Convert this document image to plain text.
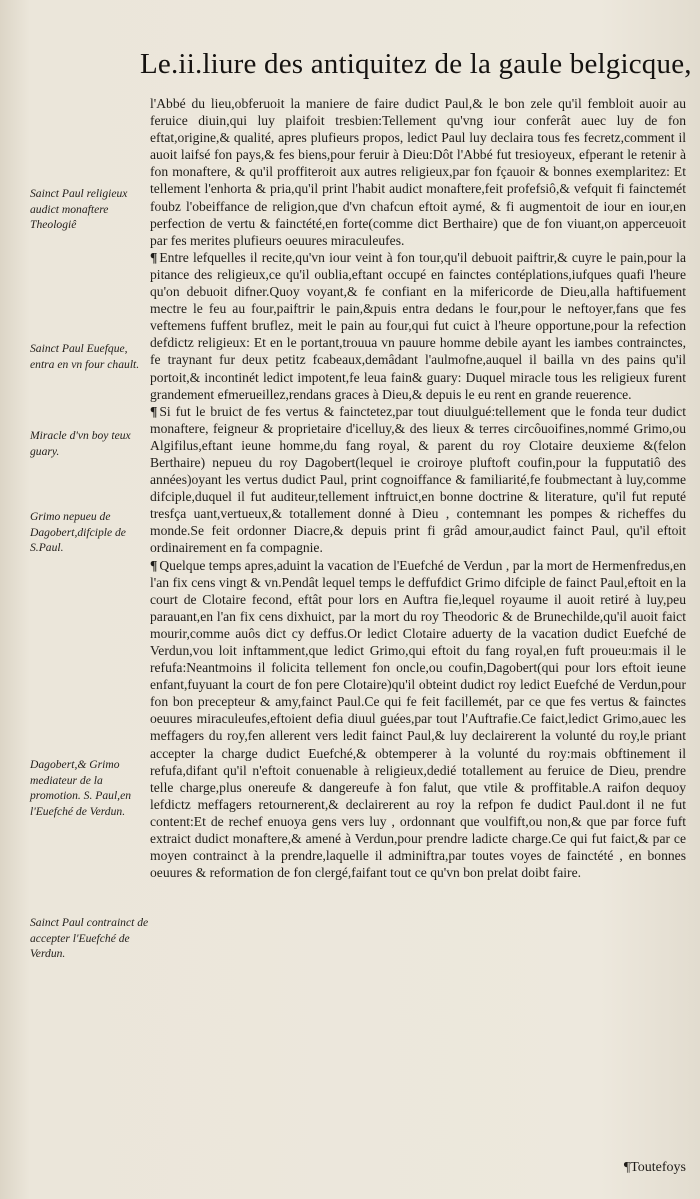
Le.ii.liure des antiquitez de la gaule belgicque,

l'Abbé du lieu,obferuoit la maniere de faire dudict Paul,& le bon zele qu'il fembloit auoir au feruice diuin,qui luy plaifoit tresbien:Tellement qu'vng iour conferât auec luy de fon eftat,origine,& qualité, apres plufieurs propos, ledict Paul luy declaira tous fes fecretz,comment il auoit laifsé fon pays,& fes biens,pour feruir à Dieu:Dôt l'Abbé fut tresioyeux, efperant le retenir à fon monaftere, & qu'il proffiteroit aux autres religieux,par fon fçauoir & bonnes exemplaritez: Et tellement l'enhorta & pria,qu'il print l'habit audict monaftere,feit profefsiô,& vefquit fi fainctemét foubz l'obeiffance de religion,que d'vn chafcun eftoit aymé, & fi augmentoit de iour en iour,en perfection de vertu & fainctété,en forte(comme dict Berthaire) que de fon viuant,on apperceuoit par fes merites plufieurs oeuures miraculeufes.

¶ Entre lefquelles il recite,qu'vn iour veint à fon tour,qu'il debuoit paiftrir,& cuyre le pain,pour la pitance des religieux,ce qu'il oublia,eftant occupé en fainctes contéplations,iufques quafi l'heure qu'on debuoit difner.Quoy voyant,& fe confiant en la mifericorde de Dieu,alla haftifuement mectre le feu au four,paiftrir le pain,&puis entra dedans le four,pour le neftoyer,fans que fes veftemens fuffent bruflez, meit le pain au four,qui fut cuict à l'heure opportune,pour la refection defdictz religieux: Et en le portant,trouua vn pauure homme debile ayant les iambes contrainctes, fe traynant fur deux petitz fcabeaux,demâdant l'aulmofne,auquel il bailla vn des pains qu'il portoit,& incontinét ledict impotent,fe leua fain& guary: Duquel miracle tous les religieux furent grandement efmerueillez,rendans graces à Dieu,& depuis le eu rent en grande reuerence.

¶ Si fut le bruict de fes vertus & fainctetez,par tout diuulgué:tellement que le fonda teur dudict monaftere, feigneur & proprietaire d'icelluy,& des lieux & terres circôuoifines,nommé Grimo,ou Algifilus,eftant ieune homme,du fang royal, & parent du roy Clotaire deuxieme &(felon Berthaire) nepueu du roy Dagobert(lequel ie croiroye pluftoft coufin,pour la fupputatiô des années)oyant les vertus dudict Paul, print cognoiffance & familiarité,fe foubmectant à luy,comme difciple,duquel il fut auditeur,tellement inftruict,en bonne doctrine & literature, qu'il fut reputé tresfça uant,vertueux,& totallement donné à Dieu , contemnant les pompes & richeffes du monde.Se feit ordonner Diacre,& depuis print fi grâd amour,audict fainct Paul, qu'il eftoit ordinairement en fa compagnie.

¶ Quelque temps apres,aduint la vacation de l'Euefché de Verdun , par la mort de Hermenfredus,en l'an fix cens vingt & vn.Pendât lequel temps le deffufdict Grimo difciple de fainct Paul,eftoit en la court de Clotaire fecond, eftât pour lors en Auftra fie,lequel royaume il auoit retiré à luy,peu parauant,en l'an fix cens dixhuict, par la mort du roy Theodoric & de Brunechilde,qu'il auoit faict mourir,comme auôs dict cy deffus.Or ledict Clotaire aduerty de la vacation dudict Euefché de Verdun,vou loit inftamment,que ledict Grimo,qui eftoit du fang royal,en fuft proueu:mais il le refufa:Neantmoins il folicita tellement fon oncle,ou coufin,Dagobert(qui pour lors eftoit ieune enfant,fuyuant la court de fon pere Clotaire)qu'il obteint dudict roy ledict Euefché de Verdun,pour fon bon precepteur & amy,fainct Paul.Ce qui fe feit facillemét, par ce que fes vertus & fainctes oeuures miraculeufes,eftoient defia diuul guées,par tout l'Auftrafie.Ce faict,ledict Grimo,auec les meffagers du roy,fen allerent vers ledit fainct Paul,& luy declairerent la volunté du roy,le priant accepter la charge dudict Euefché,& obtemperer à la volunté du roy:mais obftinement il refufa,difant qu'il n'eftoit conuenable à religieux,dedié totallement au feruice de Dieu, prendre telle charge,plus onereufe & dangereufe à fon falut, que vtile & proffitable.A raifon dequoy lefdictz meffagers retournerent,& declairerent au roy la refpon fe dudict Paul.dont il ne fut content:Et de rechef enuoya gens vers luy , ordonnant que voulfift,ou non,& que par force fuft extraict dudict monaftere,& amené à Verdun,pour prendre ladicte charge.Ce qui fut faict,& par ce moyen contrainct à la prendre,laquelle il adminiftra,par toutes voyes de fainctété , en bonnes oeuures & reformation de fon clergé,faifant tout ce qu'vn bon prelat doibt faire.

Sainct Paul religieux audict monaftere Theologiê
Sainct Paul Euefque, entra en vn four chault.
Miracle d'vn boy teux guary.
Grimo nepueu de Dagobert,difciple de S.Paul.
Dagobert,& Grimo mediateur de la promotion. S. Paul,en l'Euefché de Verdun.
Sainct Paul contrainct de accepter l'Euefché de Verdun.
¶Toutefoys
